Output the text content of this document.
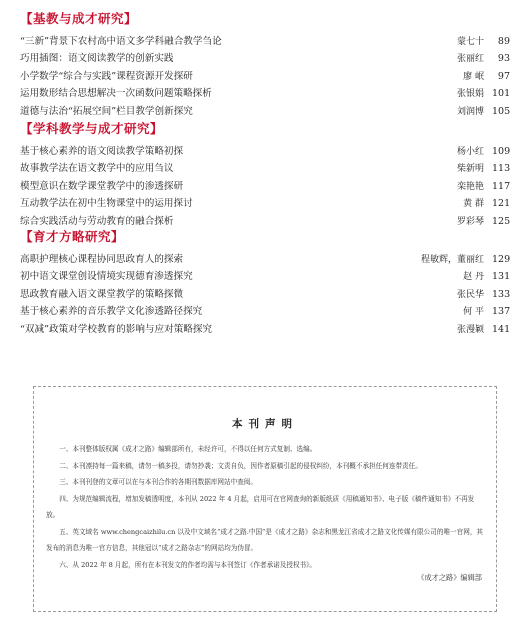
【基教与成才研究】
“三新”背景下农村高中语文多学科融合教学刍论	蒙七十	89
巧用插图：语文阅读教学的创新实践	张丽红	93
小学数学“综合与实践”课程资源开发探研	廖 岷	97
运用数形结合思想解决一次函数问题策略探析	张银娟 101
道德与法治“拓展空间”栏目教学创新探究	刘润博 105
【学科教学与成才研究】
基于核心素养的语文阅读教学策略初探	杨小红 109
故事教学法在语文教学中的应用刍议	柴新明 113
模型意识在数学课堂教学中的渗透探研	栾艳艳 117
互动教学法在初中生物课堂中的运用探讨	黄 群 121
综合实践活动与劳动教育的融合探析	罗彩琴 125
【育才方略研究】
高职护理核心课程协同思政育人的探索	程敏辉，董丽红 129
初中语文课堂创设情境实现德育渗透探究	赵 丹 131
思政教育融入语文课堂教学的策略探微	张民华 133
基于核心素养的音乐教学文化渗透路径探究	何 平 137
“双减”政策对学校教育的影响与应对策略探究	张漫颖 141
本刊声明
一、本刊整体版权属《成才之路》编辑部所有，未经许可，不得以任何方式复制、选编。
二、本刊凛持每一篇来稿，请勿一稿多投，请勿抄袭；文责自负，因作者原稿引起的侵权纠纷，本刊概不承担任何连带责任。
三、本刊刊登的文章可以在与本刊合作的各期刊数据库网站中查阅。
四、为规范编辑流程，增加发稿透明度，本刊从 2022 年 4 月起，启用可在官网查询的新版纸质《用稿通知书》、电子版《稿件通知书》不再发放。
五、英文域名 www.chengcaizhilu.cn 以及中文域名“成才之路.中国”是《成才之路》杂志和黑龙江省成才之路文化传媒有限公司的唯一官网，其发布的消息为唯一官方信息，其他冠以“成才之路杂志”的网站均为伪冒。
六、从 2022 年 8 月起，所有在本刊发文的作者均需与本刊签订《作者承诺及授权书》。
《成才之路》编辑部
